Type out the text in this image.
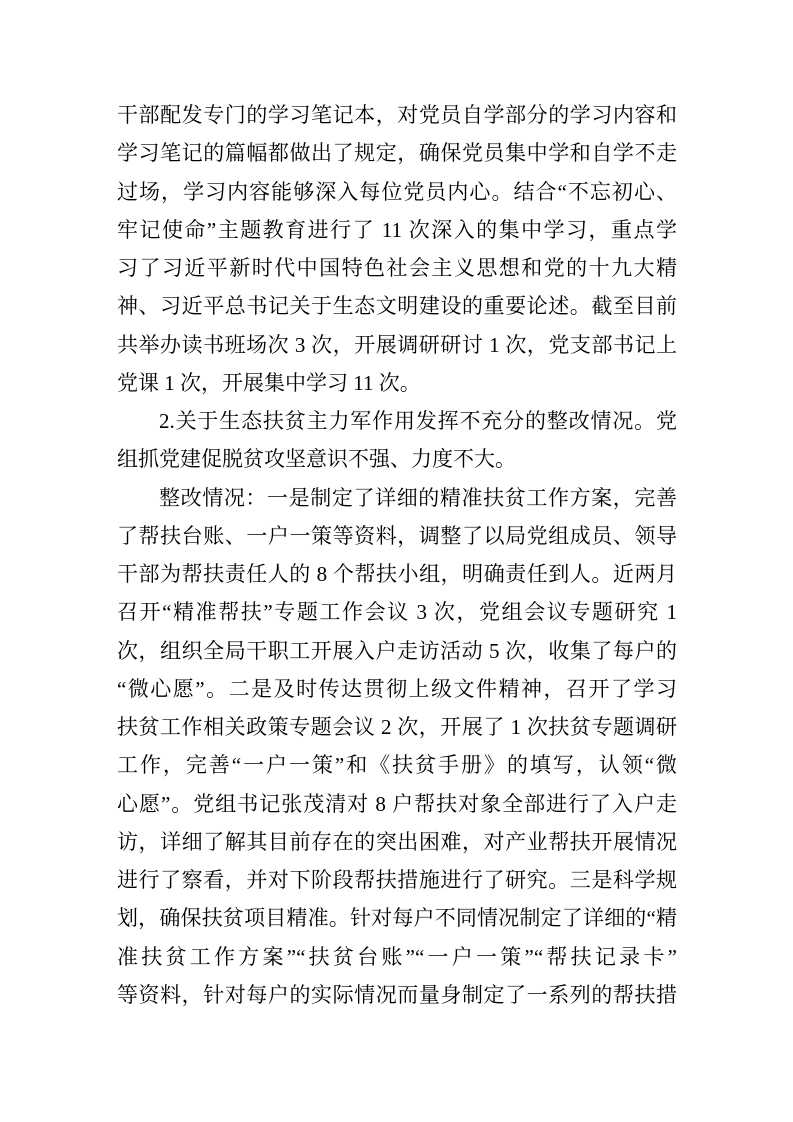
干部配发专门的学习笔记本，对党员自学部分的学习内容和
学习笔记的篇幅都做出了规定，确保党员集中学和自学不走
过场，学习内容能够深入每位党员内心。结合“不忘初心、
牢记使命”主题教育进行了 11 次深入的集中学习，重点学
习了习近平新时代中国特色社会主义思想和党的十九大精
神、习近平总书记关于生态文明建设的重要论述。截至目前
共举办读书班场次 3 次，开展调研研讨 1 次，党支部书记上
党课 1 次，开展集中学习 11 次。
2.关于生态扶贫主力军作用发挥不充分的整改情况。党
组抓党建促脱贫攻坚意识不强、力度不大。
整改情况：一是制定了详细的精准扶贫工作方案，完善
了帮扶台账、一户一策等资料，调整了以局党组成员、领导
干部为帮扶责任人的 8 个帮扶小组，明确责任到人。近两月
召开“精准帮扶”专题工作会议 3 次，党组会议专题研究 1
次，组织全局干职工开展入户走访活动 5 次，收集了每户的
“微心愿”。二是及时传达贯彻上级文件精神，召开了学习
扶贫工作相关政策专题会议 2 次，开展了 1 次扶贫专题调研
工作，完善“一户一策”和《扶贫手册》的填写，认领“微
心愿”。党组书记张茂清对 8 户帮扶对象全部进行了入户走
访，详细了解其目前存在的突出困难，对产业帮扶开展情况
进行了察看，并对下阶段帮扶措施进行了研究。三是科学规
划，确保扶贫项目精准。针对每户不同情况制定了详细的“精
准扶贫工作方案”“扶贫台账”“一户一策”“帮扶记录卡”
等资料，针对每户的实际情况而量身制定了一系列的帮扶措
